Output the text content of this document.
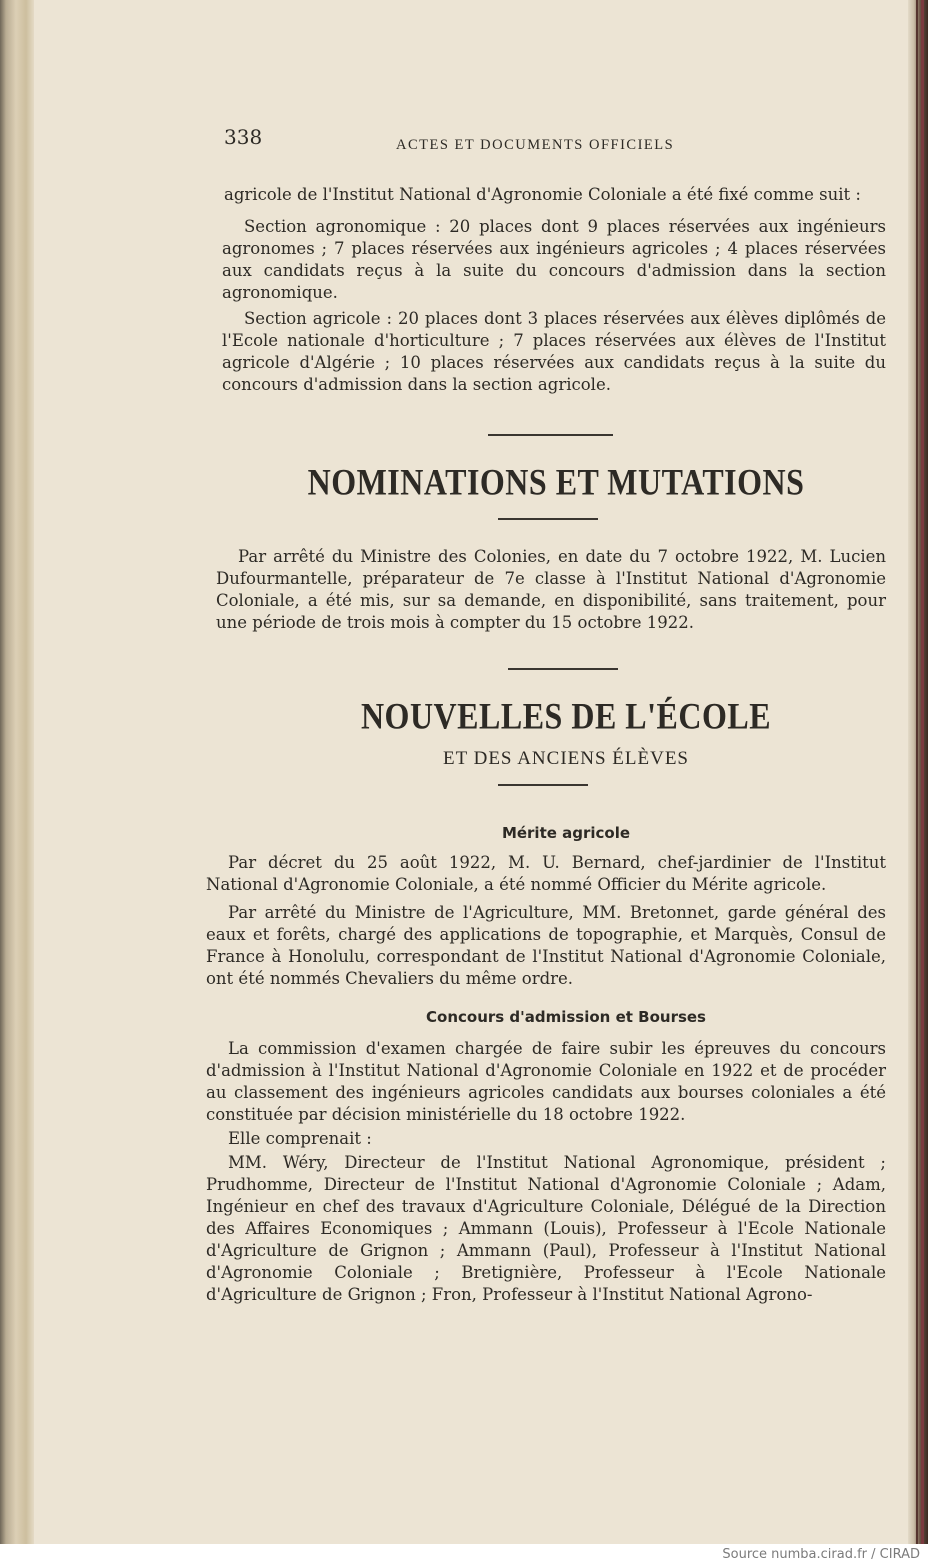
338	ACTES ET DOCUMENTS OFFICIELS

agricole de l'Institut National d'Agronomie Coloniale a été fixé comme suit :

Section agronomique : 20 places dont 9 places réservées aux ingénieurs agronomes ; 7 places réservées aux ingénieurs agricoles ; 4 places réservées aux candidats reçus à la suite du concours d'admission dans la section agronomique.

Section agricole : 20 places dont 3 places réservées aux élèves diplômés de l'Ecole nationale d'horticulture ; 7 places réservées aux élèves de l'Institut agricole d'Algérie ; 10 places réservées aux candidats reçus à la suite du concours d'admission dans la section agricole.

NOMINATIONS ET MUTATIONS

Par arrêté du Ministre des Colonies, en date du 7 octobre 1922, M. Lucien Dufourmantelle, préparateur de 7e classe à l'Institut National d'Agronomie Coloniale, a été mis, sur sa demande, en disponibilité, sans traitement, pour une période de trois mois à compter du 15 octobre 1922.

NOUVELLES DE L'ÉCOLE
ET DES ANCIENS ÉLÈVES
Mérite agricole

Par décret du 25 août 1922, M. U. Bernard, chef-jardinier de l'Institut National d'Agronomie Coloniale, a été nommé Officier du Mérite agricole.

Par arrêté du Ministre de l'Agriculture, MM. Bretonnet, garde général des eaux et forêts, chargé des applications de topographie, et Marquès, Consul de France à Honolulu, correspondant de l'Institut National d'Agronomie Coloniale, ont été nommés Chevaliers du même ordre.

Concours d'admission et Bourses

La commission d'examen chargée de faire subir les épreuves du concours d'admission à l'Institut National d'Agronomie Coloniale en 1922 et de procéder au classement des ingénieurs agricoles candidats aux bourses coloniales a été constituée par décision ministérielle du 18 octobre 1922.

Elle comprenait :

MM. Wéry, Directeur de l'Institut National Agronomique, président ; Prudhomme, Directeur de l'Institut National d'Agronomie Coloniale ; Adam, Ingénieur en chef des travaux d'Agriculture Coloniale, Délégué de la Direction des Affaires Economiques ; Ammann (Louis), Professeur à l'Ecole Nationale d'Agriculture de Grignon ; Ammann (Paul), Professeur à l'Institut National d'Agronomie Coloniale ; Bretignière, Professeur à l'Ecole Nationale d'Agriculture de Grignon ; Fron, Professeur à l'Institut National Agrono-

Source numba.cirad.fr / CIRAD
